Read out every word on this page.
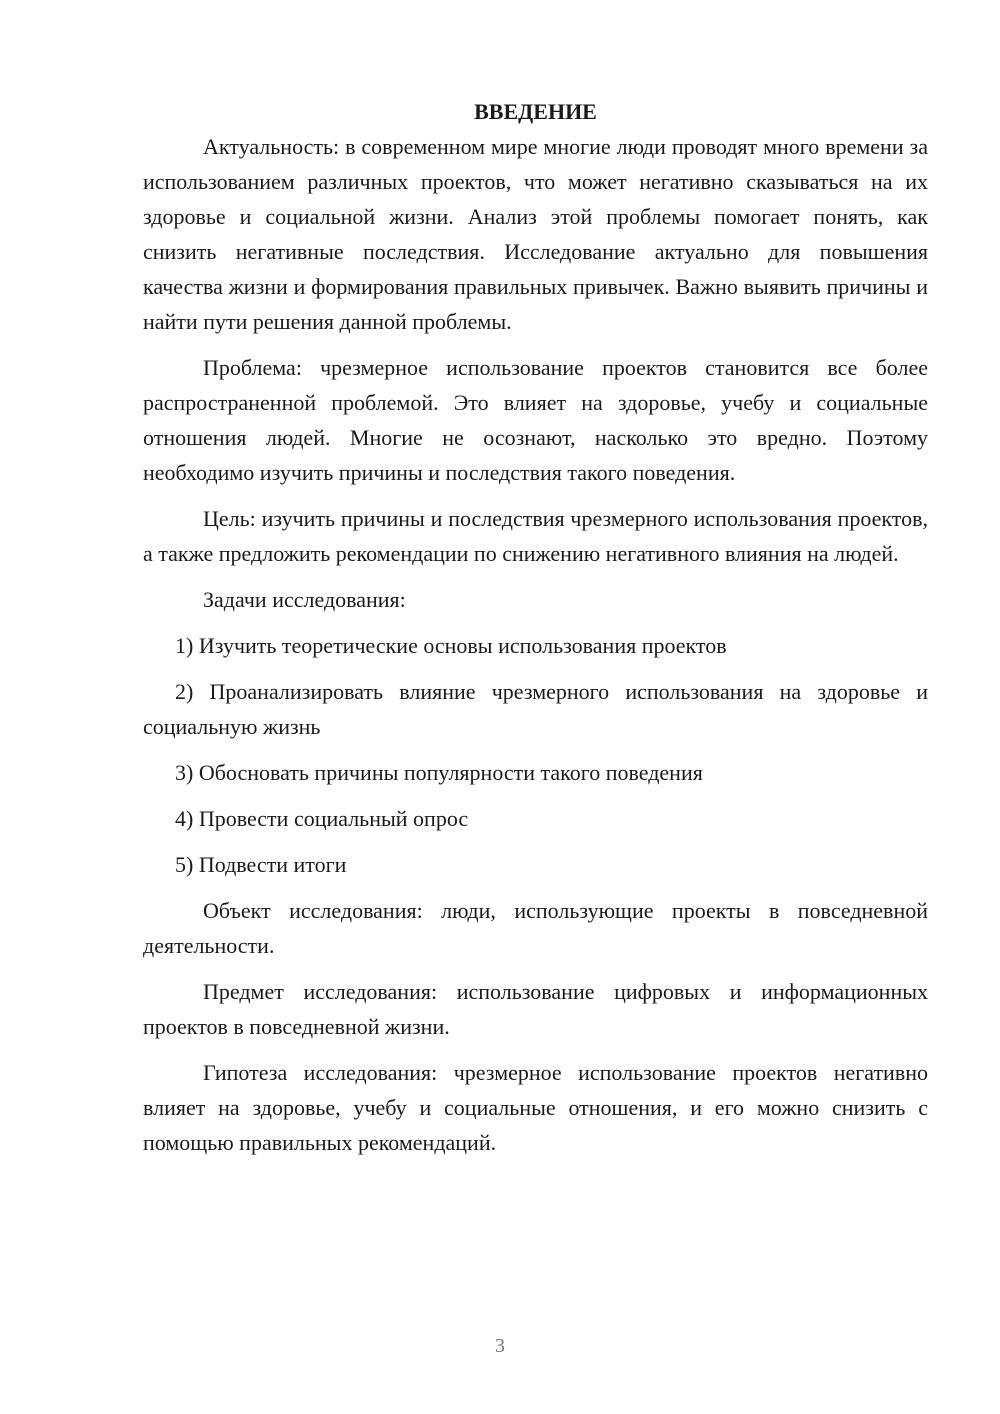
ВВЕДЕНИЕ

Актуальность: в современном мире многие люди проводят много времени за использованием различных проектов, что может негативно сказываться на их здоровье и социальной жизни. Анализ этой проблемы помогает понять, как снизить негативные последствия. Исследование актуально для повышения качества жизни и формирования правильных привычек. Важно выявить причины и найти пути решения данной проблемы.

Проблема: чрезмерное использование проектов становится все более распространенной проблемой. Это влияет на здоровье, учебу и социальные отношения людей. Многие не осознают, насколько это вредно. Поэтому необходимо изучить причины и последствия такого поведения.

Цель: изучить причины и последствия чрезмерного использования проектов, а также предложить рекомендации по снижению негативного влияния на людей.

Задачи исследования:

1) Изучить теоретические основы использования проектов

2) Проанализировать влияние чрезмерного использования на здоровье и социальную жизнь

3) Обосновать причины популярности такого поведения

4) Провести социальный опрос

5) Подвести итоги

Объект исследования: люди, использующие проекты в повседневной деятельности.

Предмет исследования: использование цифровых и информационных проектов в повседневной жизни.

Гипотеза исследования: чрезмерное использование проектов негативно влияет на здоровье, учебу и социальные отношения, и его можно снизить с помощью правильных рекомендаций.

3
